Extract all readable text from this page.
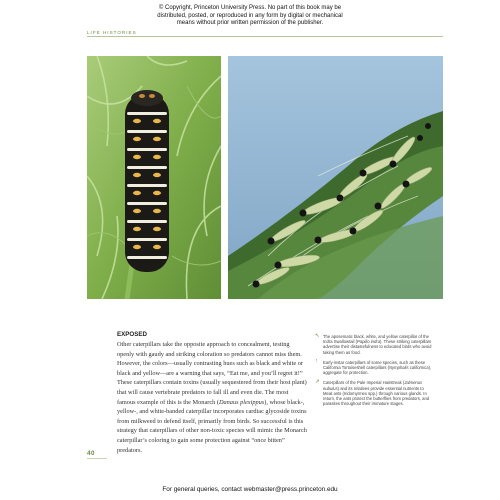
© Copyright, Princeton University Press. No part of this book may be distributed, posted, or reproduced in any form by digital or mechanical means without prior written permission of the publisher.
LIFE HISTORIES
EXPOSED

Other caterpillars take the opposite approach to concealment, testing openly with gaudy and striking coloration so predators cannot miss them. However, the colors—usually contrasting hues such as black and white or black and yellow—are a warning that says, “Eat me, and you’ll regret it!” These caterpillars contain toxins (usually sequestered from their host plant) that will cause vertebrate predators to fall ill and even die. The most famous example of this is the Monarch (Danaus plexippus), whose black-, yellow-, and white-banded caterpillar incorporates cardiac glycoside toxins from milkweed to defend itself, primarily from birds. So successful is this strategy that caterpillars of other non-toxic species will mimic the Monarch caterpillar’s coloring to gain some protection against “once bitten” predators.

↖ The aposematic black, white, and yellow caterpillar of the Indra Swallowtail (Papilio indra). These striking caterpillars advertise their distastefulness to educated birds who avoid taking them as food.

↑ Early-instar caterpillars of some species, such as these California Tortoiseshell caterpillars (Nymphalis californica), aggregate for protection.

↗ Caterpillars of the Pale Imperial Hairstreak (Jalmenus eubulus) and its relatives provide essential nutrients to Meat ants (Iridomyrmex spp.) through various glands. In return, the ants protect the butterflies from predators, and parasites throughout their immature stages.

40
For general queries, contact webmaster@press.princeton.edu
